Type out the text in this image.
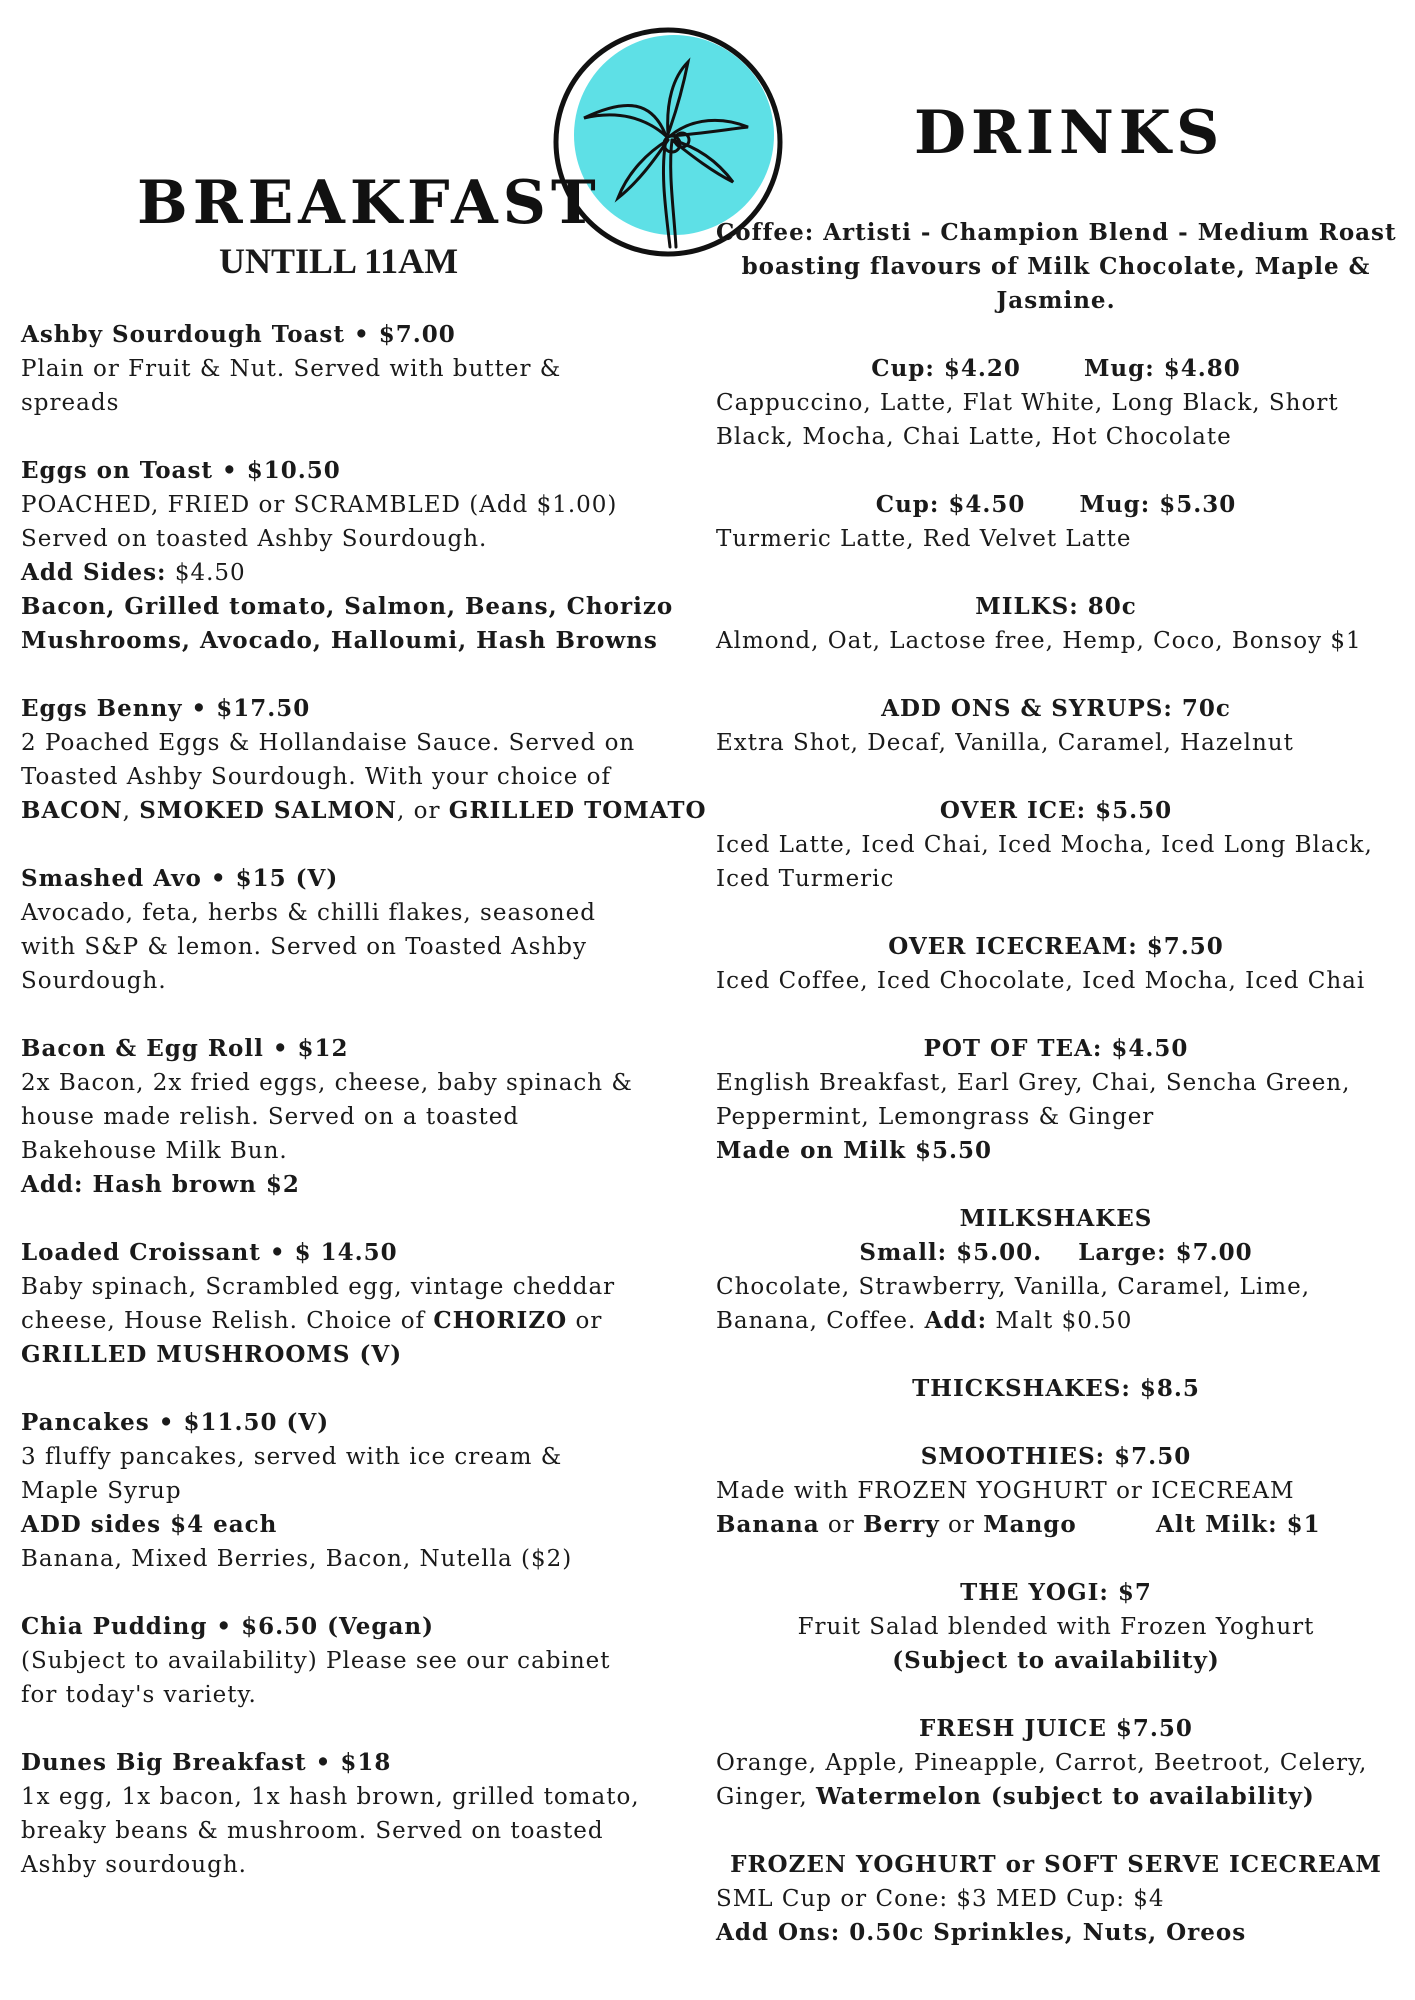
BREAKFAST
UNTILL 11AM
DRINKS
Ashby Sourdough Toast • $7.00
Plain or Fruit & Nut. Served with butter &
spreads
Eggs on Toast • $10.50
POACHED, FRIED or SCRAMBLED (Add $1.00)
Served on toasted Ashby Sourdough.
Add Sides: $4.50
Bacon, Grilled tomato, Salmon, Beans, Chorizo
Mushrooms, Avocado, Halloumi, Hash Browns
Eggs Benny • $17.50
2 Poached Eggs & Hollandaise Sauce. Served on
Toasted Ashby Sourdough. With your choice of
BACON, SMOKED SALMON, or GRILLED TOMATO
Smashed Avo • $15 (V)
Avocado, feta, herbs & chilli flakes, seasoned
with S&P & lemon. Served on Toasted Ashby
Sourdough.
Bacon & Egg Roll • $12
2x Bacon, 2x fried eggs, cheese, baby spinach &
house made relish. Served on a toasted
Bakehouse Milk Bun.
Add: Hash brown $2
Loaded Croissant • $ 14.50
Baby spinach, Scrambled egg, vintage cheddar
cheese, House Relish. Choice of CHORIZO or
GRILLED MUSHROOMS (V)
Pancakes • $11.50 (V)
3 fluffy pancakes, served with ice cream &
Maple Syrup
ADD sides $4 each
Banana, Mixed Berries, Bacon, Nutella ($2)
Chia Pudding • $6.50 (Vegan)
(Subject to availability) Please see our cabinet
for today's variety.
Dunes Big Breakfast • $18
1x egg, 1x bacon, 1x hash brown, grilled tomato,
breaky beans & mushroom. Served on toasted
Ashby sourdough.
Coffee: Artisti - Champion Blend - Medium Roast
boasting flavours of Milk Chocolate, Maple &
Jasmine.
Cup: $4.20       Mug: $4.80
Cappuccino, Latte, Flat White, Long Black, Short
Black, Mocha, Chai Latte, Hot Chocolate
Cup: $4.50      Mug: $5.30
Turmeric Latte, Red Velvet Latte
MILKS: 80c
Almond, Oat, Lactose free, Hemp, Coco, Bonsoy $1
ADD ONS & SYRUPS: 70c
Extra Shot, Decaf, Vanilla, Caramel, Hazelnut
OVER ICE: $5.50
Iced Latte, Iced Chai, Iced Mocha, Iced Long Black,
Iced Turmeric
OVER ICECREAM: $7.50
Iced Coffee, Iced Chocolate, Iced Mocha, Iced Chai
POT OF TEA: $4.50
English Breakfast, Earl Grey, Chai, Sencha Green,
Peppermint, Lemongrass & Ginger
Made on Milk $5.50
MILKSHAKES
Small: $5.00.    Large: $7.00
Chocolate, Strawberry, Vanilla, Caramel, Lime,
Banana, Coffee. Add: Malt $0.50
THICKSHAKES: $8.5
SMOOTHIES: $7.50
Made with FROZEN YOGHURT or ICECREAM
Banana or Berry or Mango	Alt Milk: $1
THE YOGI: $7
Fruit Salad blended with Frozen Yoghurt
(Subject to availability)
FRESH JUICE $7.50
Orange, Apple, Pineapple, Carrot, Beetroot, Celery,
Ginger, Watermelon (subject to availability)
FROZEN YOGHURT or SOFT SERVE ICECREAM
SML Cup or Cone: $3 MED Cup: $4
Add Ons: 0.50c Sprinkles, Nuts, Oreos
